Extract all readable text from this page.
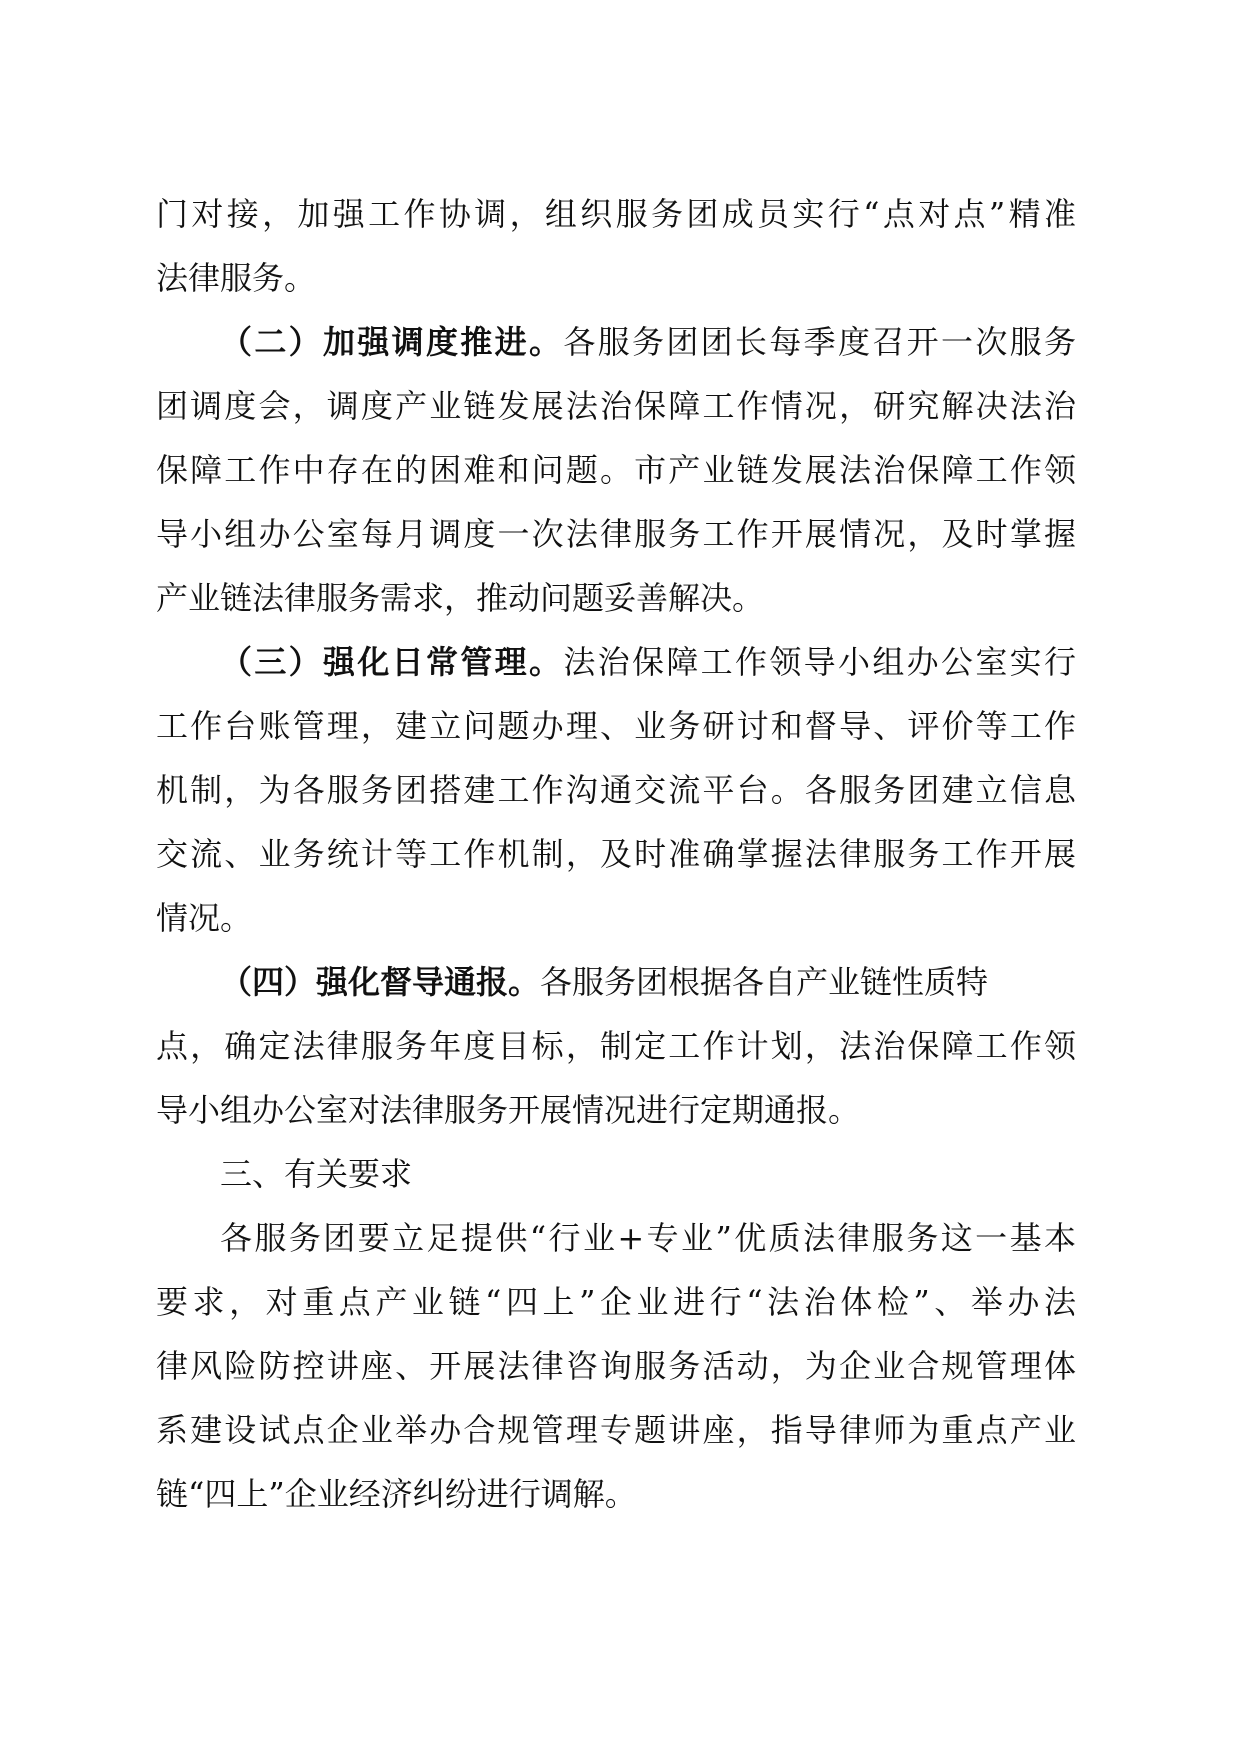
门对接，加强工作协调，组织服务团成员实行“点对点”精准
法律服务。
（二）加强调度推进。各服务团团长每季度召开一次服务
团调度会，调度产业链发展法治保障工作情况，研究解决法治
保障工作中存在的困难和问题。市产业链发展法治保障工作领
导小组办公室每月调度一次法律服务工作开展情况，及时掌握
产业链法律服务需求，推动问题妥善解决。
（三）强化日常管理。法治保障工作领导小组办公室实行
工作台账管理，建立问题办理、业务研讨和督导、评价等工作
机制，为各服务团搭建工作沟通交流平台。各服务团建立信息
交流、业务统计等工作机制，及时准确掌握法律服务工作开展
情况。
（四）强化督导通报。各服务团根据各自产业链性质特
点，确定法律服务年度目标，制定工作计划，法治保障工作领
导小组办公室对法律服务开展情况进行定期通报。
三、有关要求
各服务团要立足提供“行业+专业”优质法律服务这一基本
要求，对重点产业链“四上”企业进行“法治体检”、举办法
律风险防控讲座、开展法律咨询服务活动，为企业合规管理体
系建设试点企业举办合规管理专题讲座，指导律师为重点产业
链“四上”企业经济纠纷进行调解。
